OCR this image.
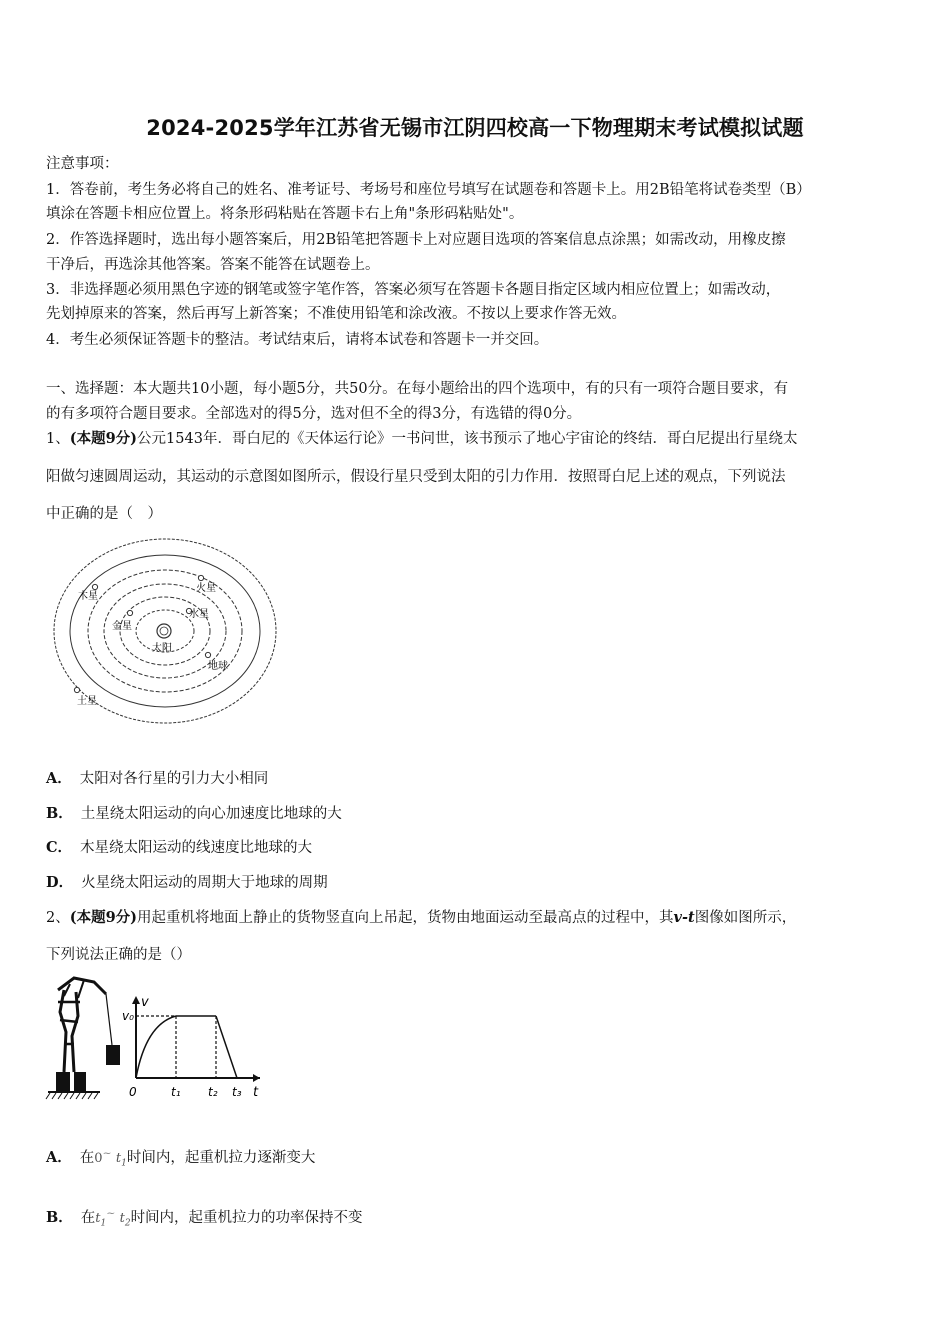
2024-2025学年江苏省无锡市江阴四校高一下物理期末考试模拟试题
注意事项：
1．答卷前，考生务必将自己的姓名、准考证号、考场号和座位号填写在试题卷和答题卡上。用2B铅笔将试卷类型（B）
填涂在答题卡相应位置上。将条形码粘贴在答题卡右上角"条形码粘贴处"。
2．作答选择题时，选出每小题答案后，用2B铅笔把答题卡上对应题目选项的答案信息点涂黑；如需改动，用橡皮擦
干净后，再选涂其他答案。答案不能答在试题卷上。
3．非选择题必须用黑色字迹的钢笔或签字笔作答，答案必须写在答题卡各题目指定区域内相应位置上；如需改动，
先划掉原来的答案，然后再写上新答案；不准使用铅笔和涂改液。不按以上要求作答无效。
4．考生必须保证答题卡的整洁。考试结束后，请将本试卷和答题卡一并交回。
一、选择题：本大题共10小题，每小题5分，共50分。在每小题给出的四个选项中，有的只有一项符合题目要求，有
的有多项符合题目要求。全部选对的得5分，选对但不全的得3分，有选错的得0分。
1、(本题9分)公元1543年．哥白尼的《天体运行论》一书问世，该书预示了地心宇宙论的终结．哥白尼提出行星绕太
阳做匀速圆周运动，其运动的示意图如图所示，假设行星只受到太阳的引力作用．按照哥白尼上述的观点，下列说法
中正确的是（　）
太阳
水星
金星
地球
火星
木星
土星
A． 太阳对各行星的引力大小相同
B． 土星绕太阳运动的向心加速度比地球的大
C． 木星绕太阳运动的线速度比地球的大
D． 火星绕太阳运动的周期大于地球的周期
2、(本题9分)用起重机将地面上静止的货物竖直向上吊起，货物由地面运动至最高点的过程中，其v-t图像如图所示，
下列说法正确的是（）
v
v₀
0	t₁ t₂ t₃ t
A． 在0~ $t_1$时间内，起重机拉力逐渐变大
B． 在$t_1^\sim$ $t_2$时间内，起重机拉力的功率保持不变
